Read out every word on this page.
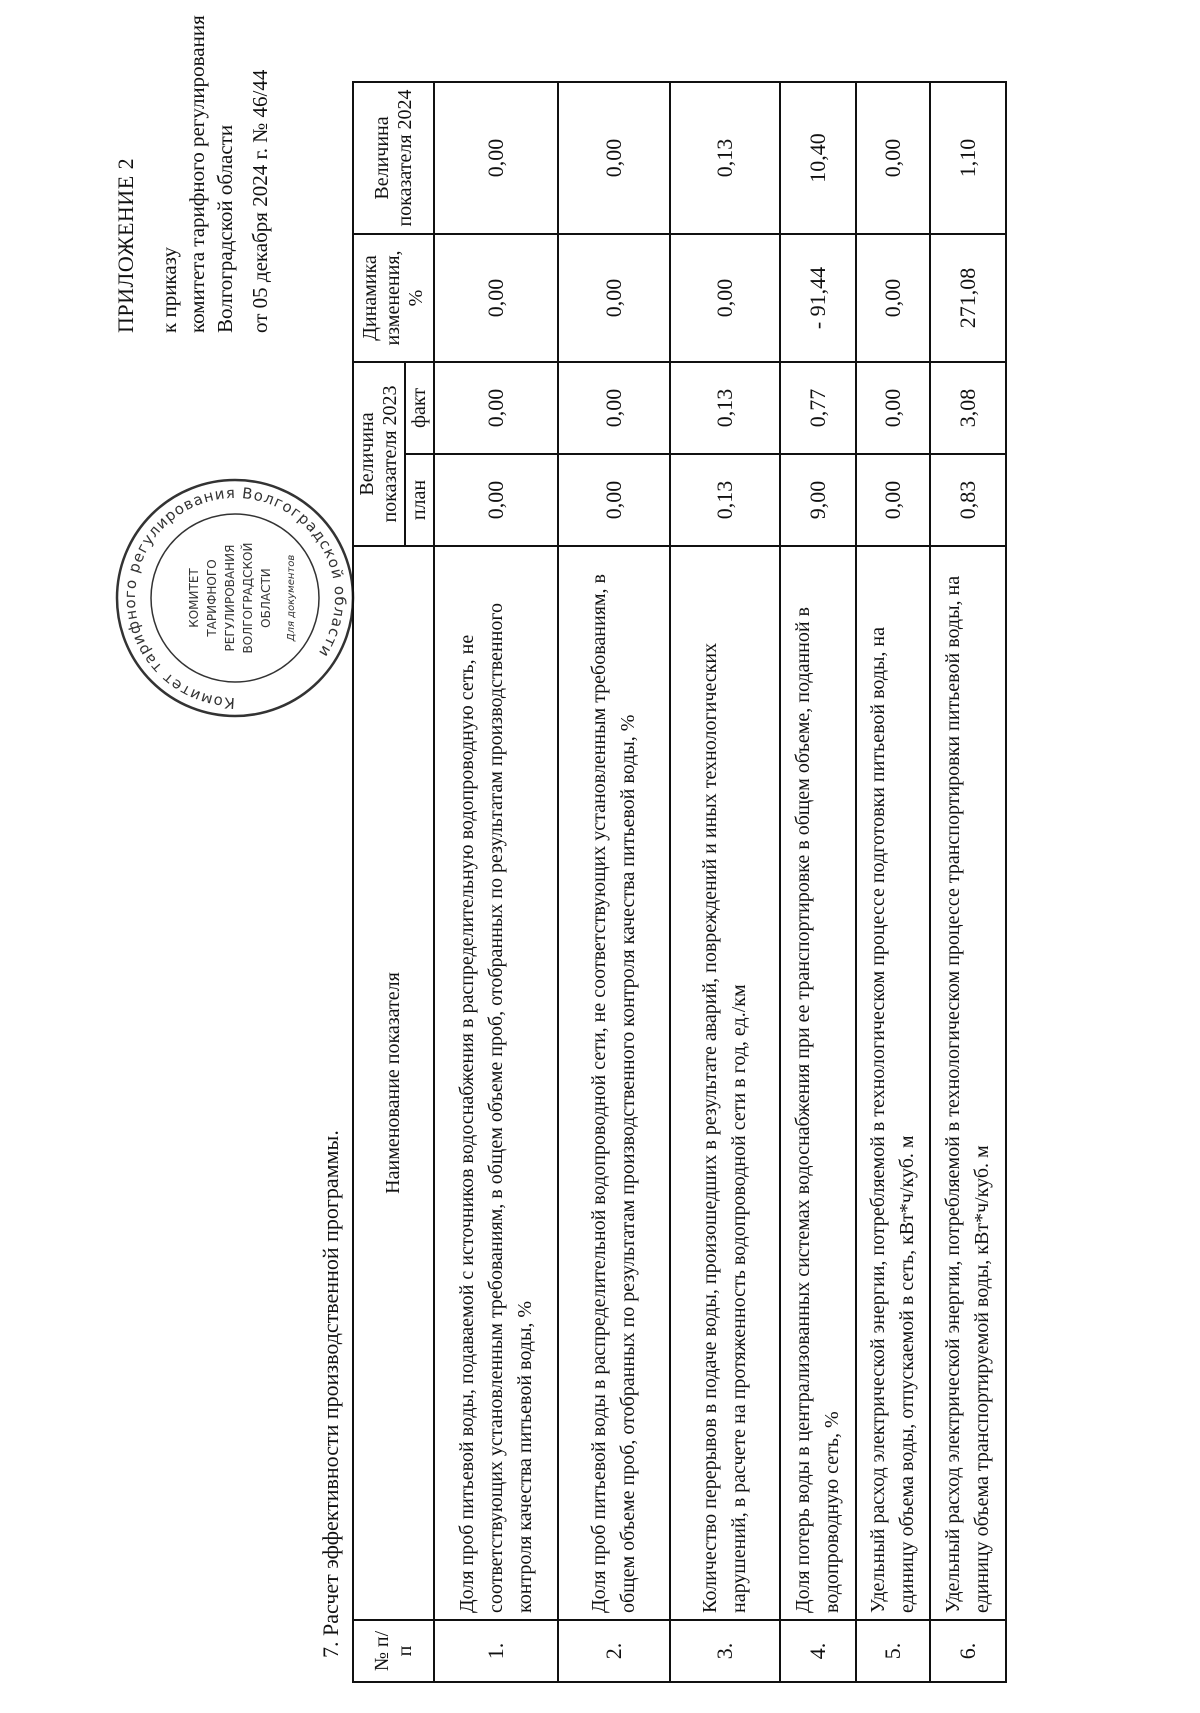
ПРИЛОЖЕНИЕ 2 к приказу комитета тарифного регулирования Волгоградской области от 05 декабря 2024 г. № 46/44
Комитет тарифного регулирования Волгоградской области
КОМИТЕТ ТАРИФНОГО РЕГУЛИРОВАНИЯ ВОЛГОГРАДСКОЙ ОБЛАСТИ Для документов
7. Расчет эффективности производственной программы. № п/п	Наименование показателя	Величина показателя 2023		Динамика изменения, %	Величина показателя 2024
		план	факт		
1.	Доля проб питьевой воды, подаваемой с источников водоснабжения в распределительную водопроводную сеть, не соответствующих установленным требованиям, в общем объеме проб, отобранных по результатам производственного контроля качества питьевой воды, %	0,00	0,00	0,00	0,00
2.	Доля проб питьевой воды в распределительной водопроводной сети, не соответствующих установленным требованиям, в общем объеме проб, отобранных по результатам производственного контроля качества питьевой воды, %	0,00	0,00	0,00	0,00
3.	Количество перерывов в подаче воды, произошедших в результате аварий, повреждений и иных технологических нарушений, в расчете на протяженность водопроводной сети в год, ед./км	0,13	0,13	0,00	0,13
4.	Доля потерь воды в централизованных системах водоснабжения при ее транспортировке в общем объеме, поданной в водопроводную сеть, %	9,00	0,77	- 91,44	10,40
5.	Удельный расход электрической энергии, потребляемой в технологическом процессе подготовки питьевой воды, на единицу объема воды, отпускаемой в сеть, кВт*ч/куб. м	0,00	0,00	0,00	0,00
6.	Удельный расход электрической энергии, потребляемой в технологическом процессе транспортировки питьевой воды, на единицу объема транспортируемой воды, кВт*ч/куб. м	0,83	3,08	271,08	1,10
